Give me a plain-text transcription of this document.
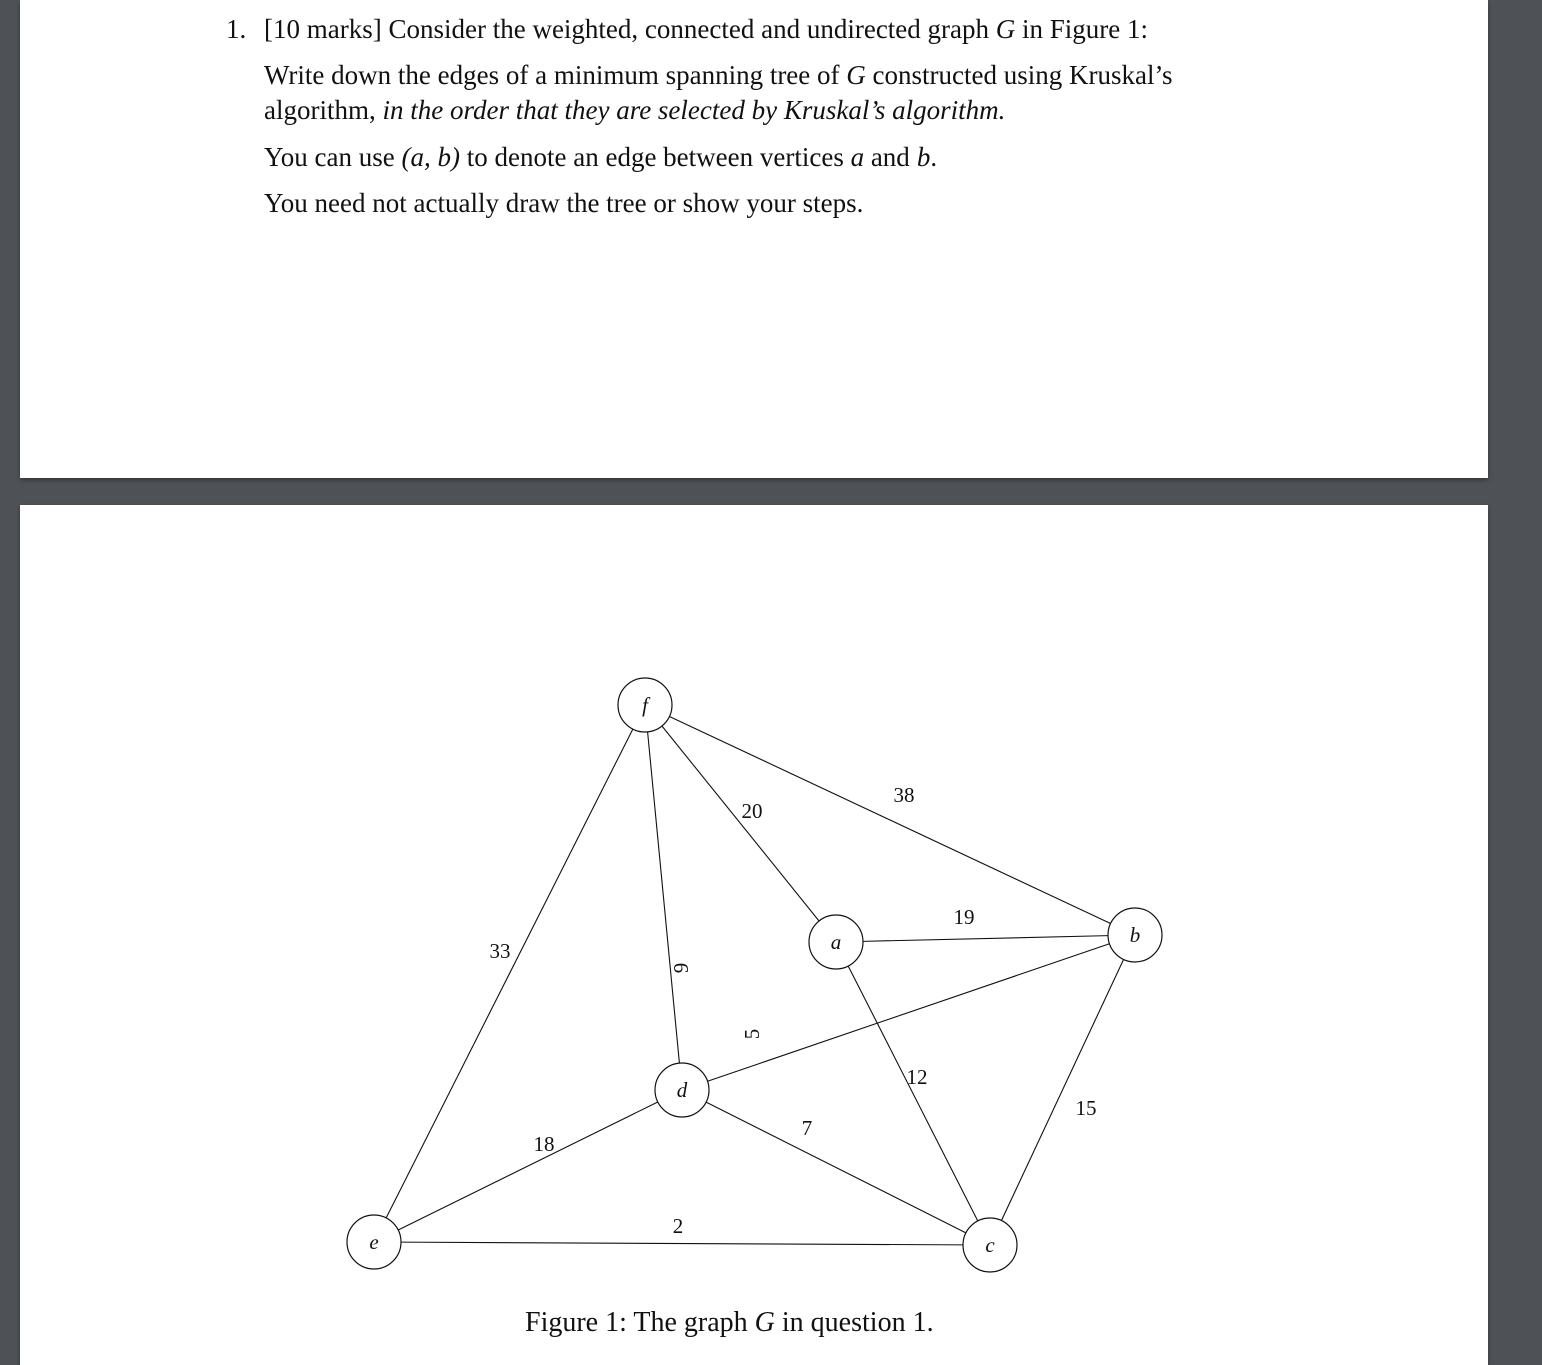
1. [10 marks] Consider the weighted, connected and undirected graph G in Figure 1:
Write down the edges of a minimum spanning tree of G constructed using Kruskal’s
algorithm, in the order that they are selected by Kruskal’s algorithm.
You can use (a, b) to denote an edge between vertices a and b.
You need not actually draw the tree or show your steps.
38
20
33
9
19
12
5
7
18
2
15
f
a	b
d
e	c
Figure 1: The graph G in question 1.
